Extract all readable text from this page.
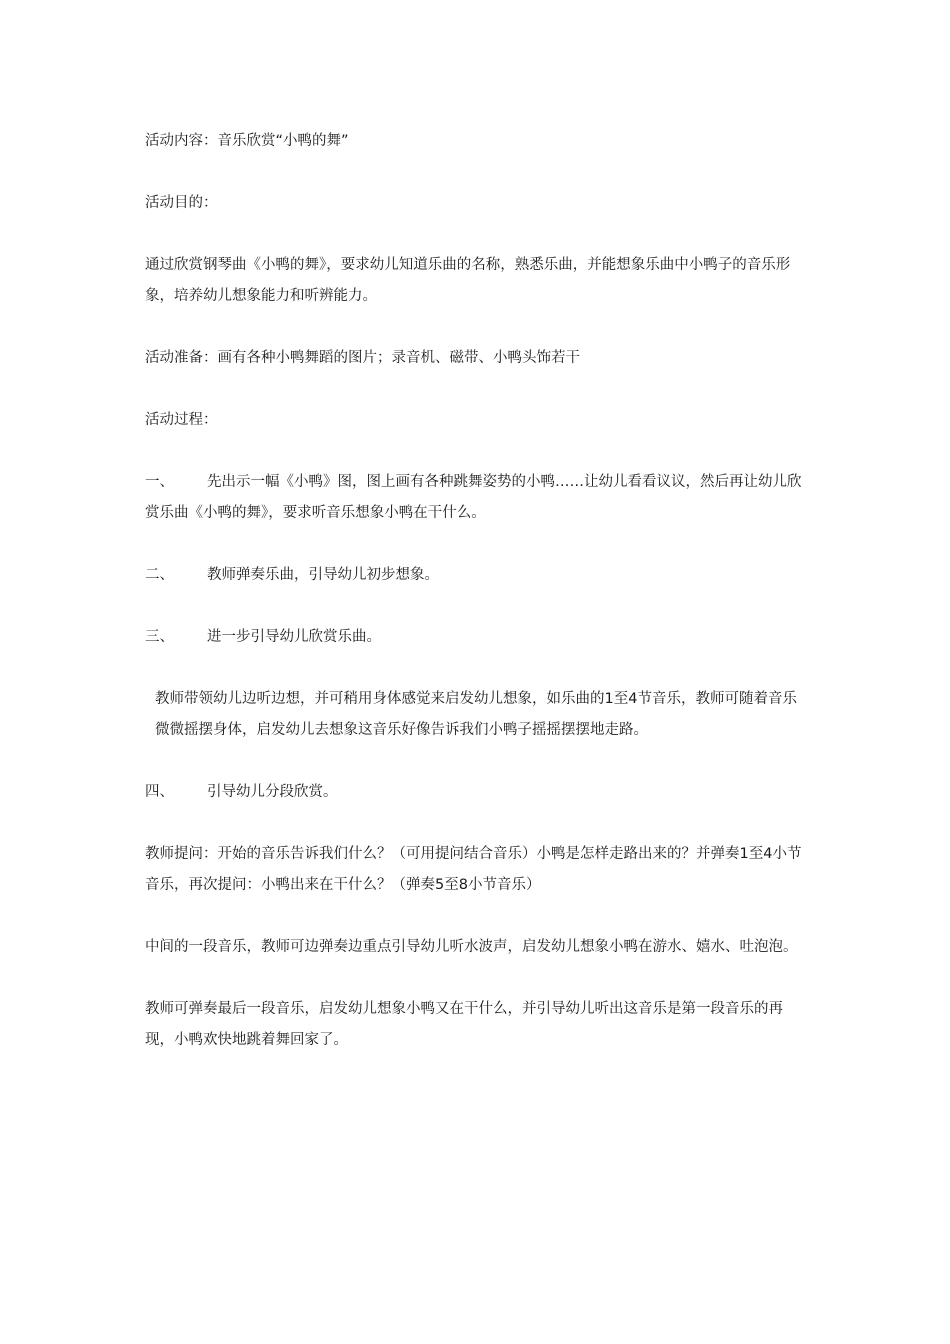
活动内容：音乐欣赏“小鸭的舞”

活动目的：

通过欣赏钢琴曲《小鸭的舞》，要求幼儿知道乐曲的名称，熟悉乐曲，并能想象乐曲中小鸭子的音乐形象，培养幼儿想象能力和听辨能力。

活动准备：画有各种小鸭舞蹈的图片；录音机、磁带、小鸭头饰若干

活动过程：

一、 先出示一幅《小鸭》图，图上画有各种跳舞姿势的小鸭……让幼儿看看议议，然后再让幼儿欣赏乐曲《小鸭的舞》，要求听音乐想象小鸭在干什么。

二、 教师弹奏乐曲，引导幼儿初步想象。

三、 进一步引导幼儿欣赏乐曲。

教师带领幼儿边听边想，并可稍用身体感觉来启发幼儿想象，如乐曲的1至4节音乐，教师可随着音乐微微摇摆身体，启发幼儿去想象这音乐好像告诉我们小鸭子摇摇摆摆地走路。

四、 引导幼儿分段欣赏。

教师提问：开始的音乐告诉我们什么？（可用提问结合音乐）小鸭是怎样走路出来的？并弹奏1至4小节音乐，再次提问：小鸭出来在干什么？（弹奏5至8小节音乐）

中间的一段音乐，教师可边弹奏边重点引导幼儿听水波声，启发幼儿想象小鸭在游水、嬉水、吐泡泡。

教师可弹奏最后一段音乐，启发幼儿想象小鸭又在干什么，并引导幼儿听出这音乐是第一段音乐的再现，小鸭欢快地跳着舞回家了。
